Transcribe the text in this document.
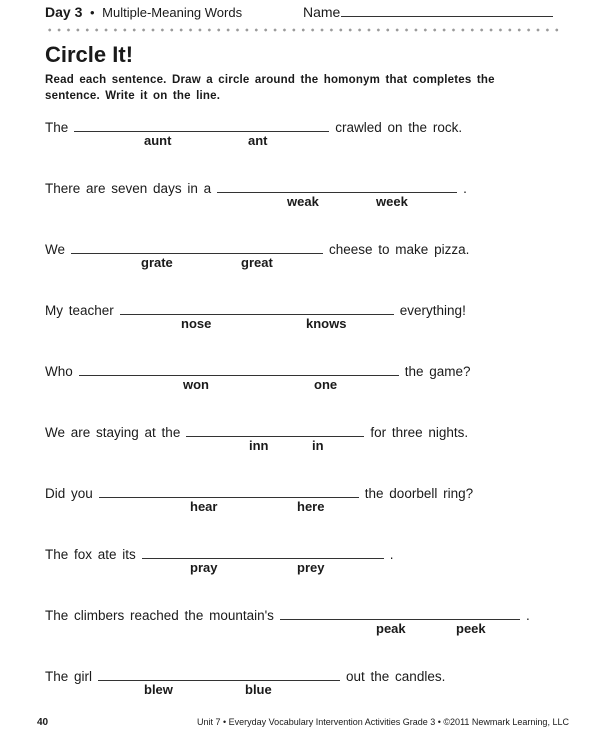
Day 3 • Multiple-Meaning Words	Name
Circle It!
Read each sentence. Draw a circle around the homonym that completes the sentence. Write it on the line.
The	crawled on the rock.
aunt	ant
There are seven days in a	.
weak	week
We	cheese to make pizza.
grate	great
My teacher	everything!
nose	knows
Who	the game?
won	one
We are staying at the	for three nights.
inn	in
Did you	the doorbell ring?
hear	here
The fox ate its	.
pray	prey
The climbers reached the mountain's	.
peak	peek
The girl	out the candles.
blew	blue
40	Unit 7 • Everyday Vocabulary Intervention Activities Grade 3 • ©2011 Newmark Learning, LLC
